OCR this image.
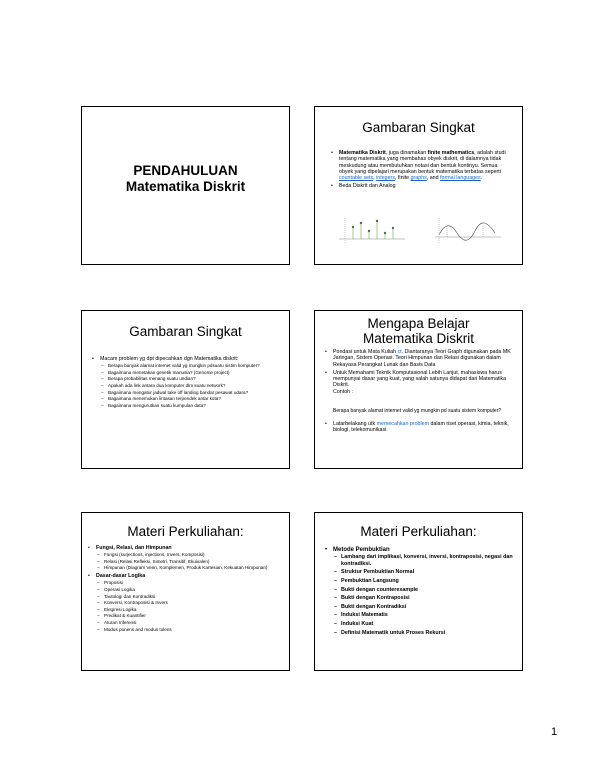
PENDAHULUAN
Matematika Diskrit
Gambaran Singkat
• Matematika Diskrit, juga dinamakan finite mathematics, adalah studi tentang matematika yang membahas obyek diskrit, di dalamnya tidak meskudung atau membutuhkan notasi dan bentuk kontinyu. Semua obyek yang dipelajari merupakan bentuk matematika terbatas seperti countable sets, integers, finite graphs, and formal languages.
• Beda Diskrit dan Analog
Gambaran Singkat
• Macam problem yg dpt dipecahkan dgn Matematika diskrit:
– Berapa banyak alamat internet valid yg mungkin pdsuatu sistim komputer?
– Bagaimana menetakan genetik manusia? (Genome project)
– Berapa probabilitas menang suatu undian?
– Apakah ada link antara dua komputer dlm suatu network?
– Bagaimana mengatur jadwal take off landing bandar pesawat udara?
– Bagaimana menemukan lintasan terpendek antar kota?
– Bagaimana mengurutkan suatu kumpulan data?
Mengapa Belajar Matematika Diskrit
• Pondasi untuk Mata Kuliah ct. Diantaranya Teori Graph digunakan pada MK Jaringan, Sistem Operasi. Teori Himpunan dan Relasi digunakan dalam Rekayasa Perangkat Lunak dan Basis Data
• Untuk Memahami Teknik Komputasional Lebih Lanjut, mahasiswa harus mempunyai dasar yang kuat, yang salah satunya didapat dari Matematika Diskrit.
Contoh :
Berapa banyak alamat internet valid yg mungkin pd suatu sistem komputer?
• Latarbelakang utk memecahkan problem dalam riset operasi, kimia, teknik, biologi, telekomunikasi.
Materi Perkuliahan:
• Fungsi, Relasi, dan Himpunan
– Fungsi (surjections, injections, Invers, Komposisi)
– Relasi (Relasi Refleksi, Simetri, Transitif, Ekuivalen)
– Himpunan (Diagram Venn, Komplemen, Produk Kartesian, Kekuatan Himpunan)
• Dasar-dasar Logika
– Proposisi
– Operasi Logika
– Tautologi dan Kontradiksi
– Konversi, Kontraposisi & Invers
– Ekspresi Logika
– Predikat & Kuantifier
– Aturan Inferensi
– Modus ponens and modus tolens
Materi Perkuliahan:
• Metode Pembuktian
– Lambang dari implikasi, konversi, inversi, kontraposisi, negasi dan kontradiksi.
– Struktur Pembuktian Normal
– Pembuktian Langsung
– Bukti dengan counterexample
– Bukti dengan Kontraposisi
– Bukti dengan Kontradiksi
– Induksi Matematis
– Induksi Kuat
– Definisi Matematik untuk Proses Rekursi
1
